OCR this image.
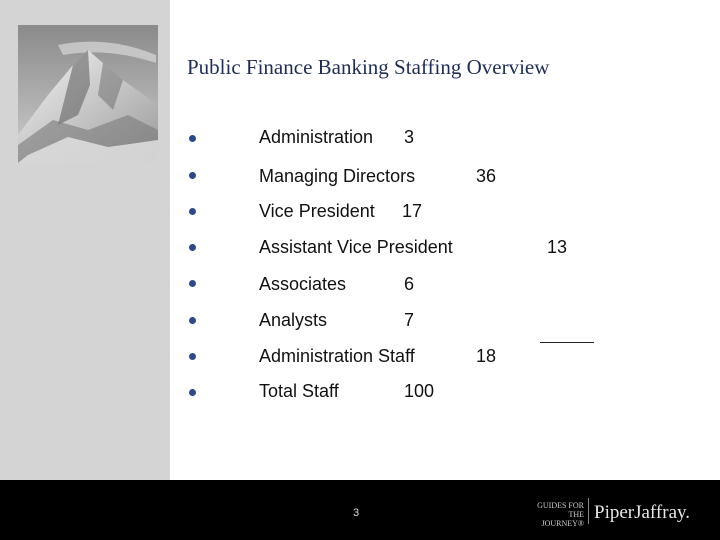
Public Finance Banking Staffing Overview
Administration 3
Managing Directors	36
Vice President 17
Assistant Vice President	13
Associates	6
Analysts	7
Administration Staff	18
Total Staff	100
3
GUIDES FOR
THE JOURNEY®
PiperJaffray.
